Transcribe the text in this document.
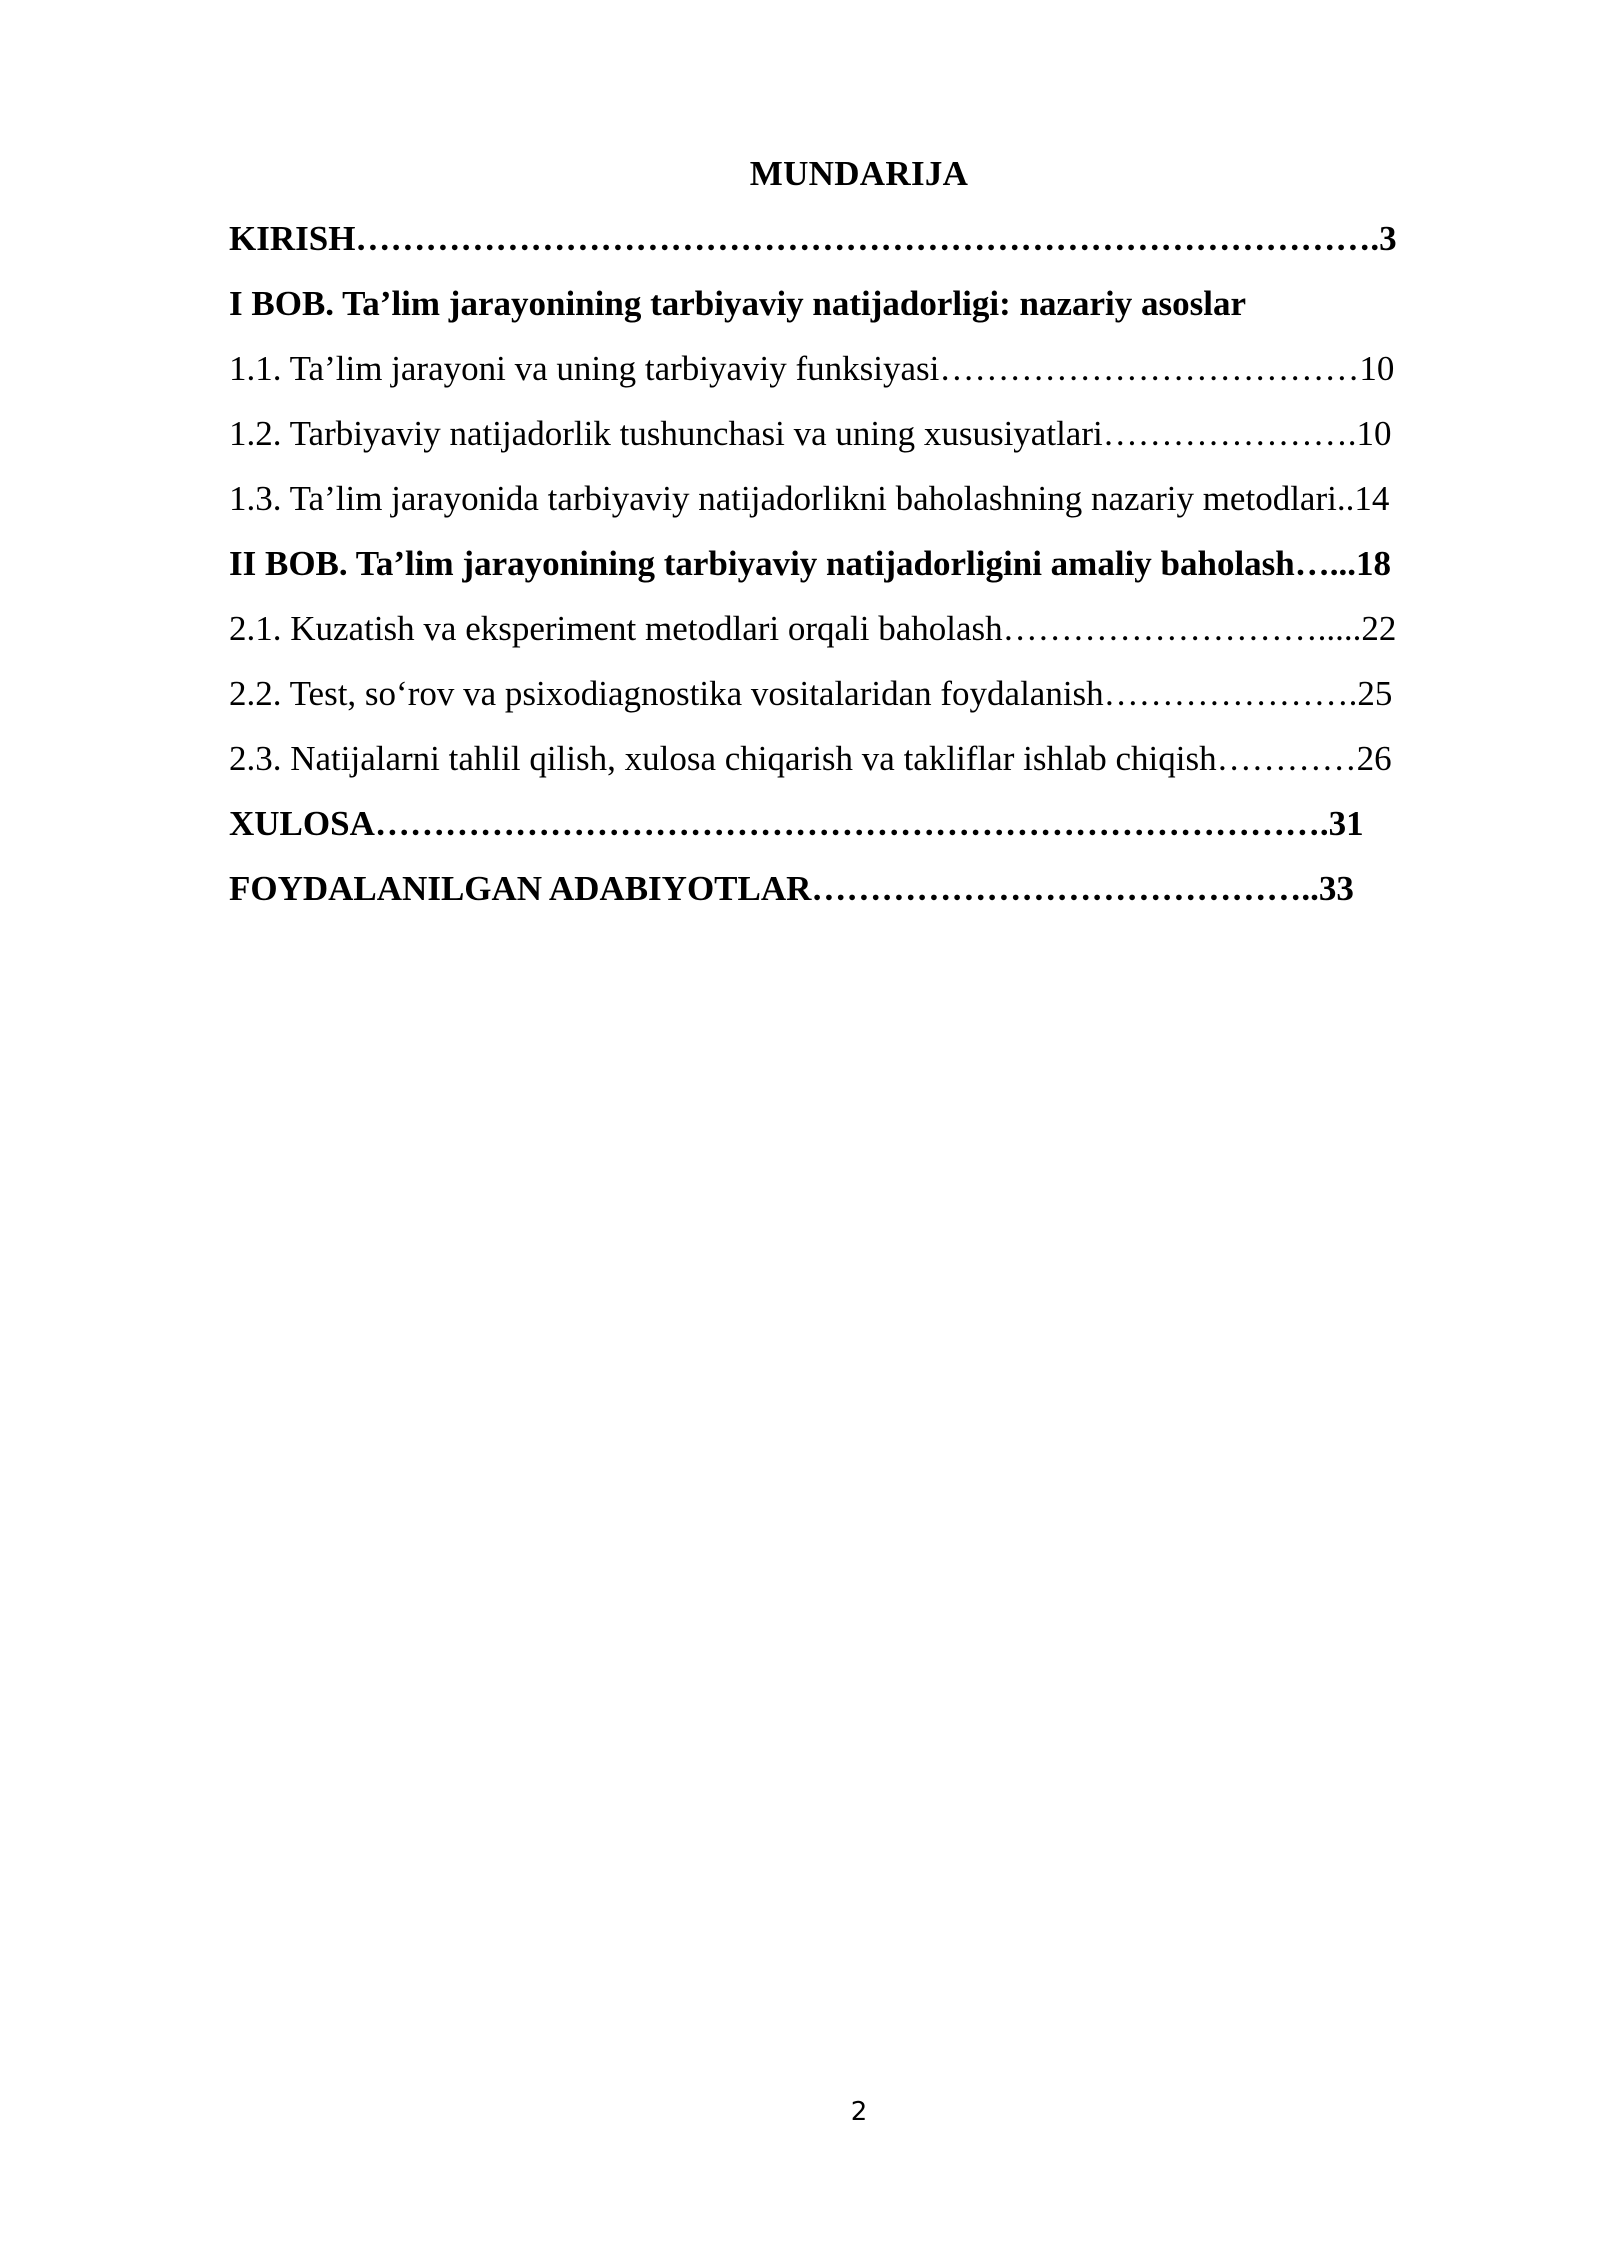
MUNDARIJA
KIRISH…………………………………………………………………………….3
I BOB. Ta’lim jarayonining tarbiyaviy natijadorligi: nazariy asoslar
1.1. Ta’lim jarayoni va uning tarbiyaviy funksiyasi………………………………10
1.2. Tarbiyaviy natijadorlik tushunchasi va uning xususiyatlari………………….10
1.3. Ta’lim jarayonida tarbiyaviy natijadorlikni baholashning nazariy metodlari..14
II BOB. Ta’lim jarayonining tarbiyaviy natijadorligini amaliy baholash…...18
2.1. Kuzatish va eksperiment metodlari orqali baholash……………………….....22
2.2. Test, so‘rov va psixodiagnostika vositalaridan foydalanish………………….25
2.3. Natijalarni tahlil qilish, xulosa chiqarish va takliflar ishlab chiqish…………26
XULOSA……………………………………………………………………….31
FOYDALANILGAN ADABIYOTLAR……………………………………..33
2
